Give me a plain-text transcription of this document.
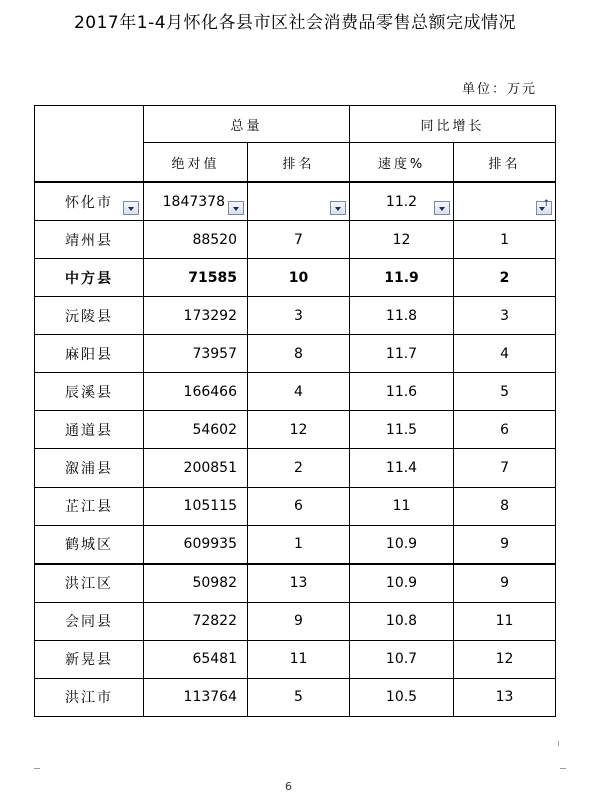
2017年1-4月怀化各县市区社会消费品零售总额完成情况
单位：万元
	总量		同比增长	
	绝对值	排名	速度%	排名
怀化市	1847378		11.2

↑

靖州县	88520	7	12	1
中方县	71585	10	11.9	2
沅陵县	173292	3	11.8	3
麻阳县	73957	8	11.7	4
辰溪县	166466	4	11.6	5
通道县	54602	12	11.5	6
溆浦县	200851	2	11.4	7
芷江县	105115	6	11	8
鹤城区	609935	1	10.9	9
洪江区	50982	13	10.9	9
会同县	72822	9	10.8	11
新晃县	65481	11	10.7	12
洪江市	113764	5	10.5	13
6
